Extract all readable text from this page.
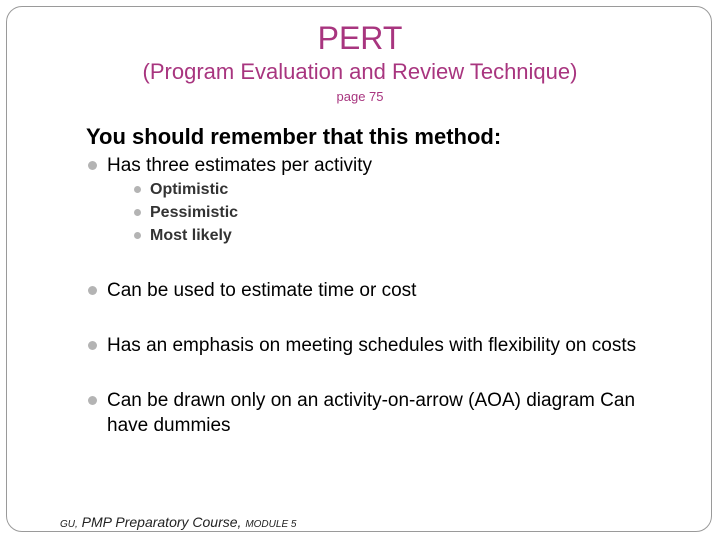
PERT
(Program Evaluation and Review Technique)
page 75
You should remember that this method:
Has three estimates per activity
Optimistic
Pessimistic
Most likely
Can be used to estimate time or cost
Has an emphasis on meeting schedules with flexibility on costs
Can be drawn only on an activity-on-arrow (AOA) diagram Can have dummies
GU, PMP Preparatory Course, MODULE 5
